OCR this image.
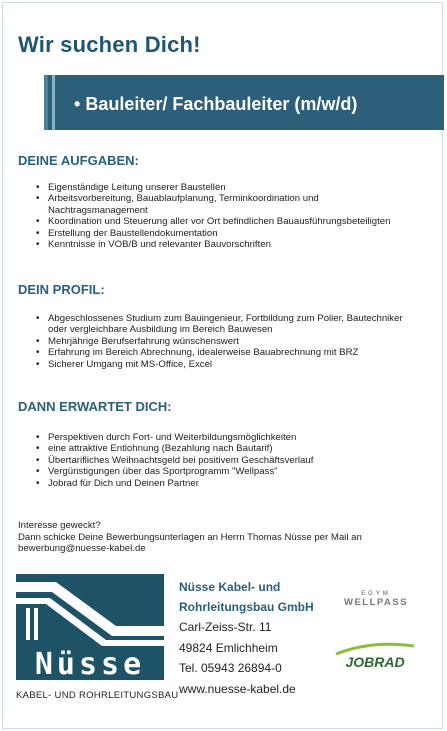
Wir suchen Dich!
• Bauleiter/ Fachbauleiter (m/w/d)
DEINE AUFGABEN:
• Eigenständige Leitung unserer Baustellen
• Arbeitsvorbereitung, Bauablaufplanung, Terminkoordination und Nachtragsmanagement
• Koordination und Steuerung aller vor Ort befindlichen Bauausführungsbeteiligten
• Erstellung der Baustellendokumentation
• Kenntnisse in VOB/B und relevanter Bauvorschriften
DEIN PROFIL:
• Abgeschlossenes Studium zum Bauingenieur, Fortbildung zum Polier, Bautechniker oder vergleichbare Ausbildung im Bereich Bauwesen
• Mehrjährige Berufserfahrung wünschenswert
• Erfahrung im Bereich Abrechnung, idealerweise Bauabrechnung mit BRZ
• Sicherer Umgang mit MS-Office, Excel
DANN ERWARTET DICH:
• Perspektiven durch Fort- und Weiterbildungsmöglichkeiten
• eine attraktive Entlohnung (Bezahlung nach Bautarif)
• Übertarifliches Weihnachtsgeld bei positivem Geschäftsverlauf
• Vergünstigungen über das Sportprogramm "Wellpass"
• Jobrad für Dich und Deinen Partner
Interesse geweckt?
Dann schicke Deine Bewerbungsunterlagen an Herrn Thomas Nüsse per Mail an
bewerbung@nuesse-kabel.de
Nüsse
KABEL- UND ROHRLEITUNGSBAU
Nüsse Kabel- und
Rohrleitungsbau GmbH
Carl-Zeiss-Str. 11
49824 Emlichheim
Tel. 05943 26894-0
www.nuesse-kabel.de
EGYM
WELLPASS
JOBRAD
